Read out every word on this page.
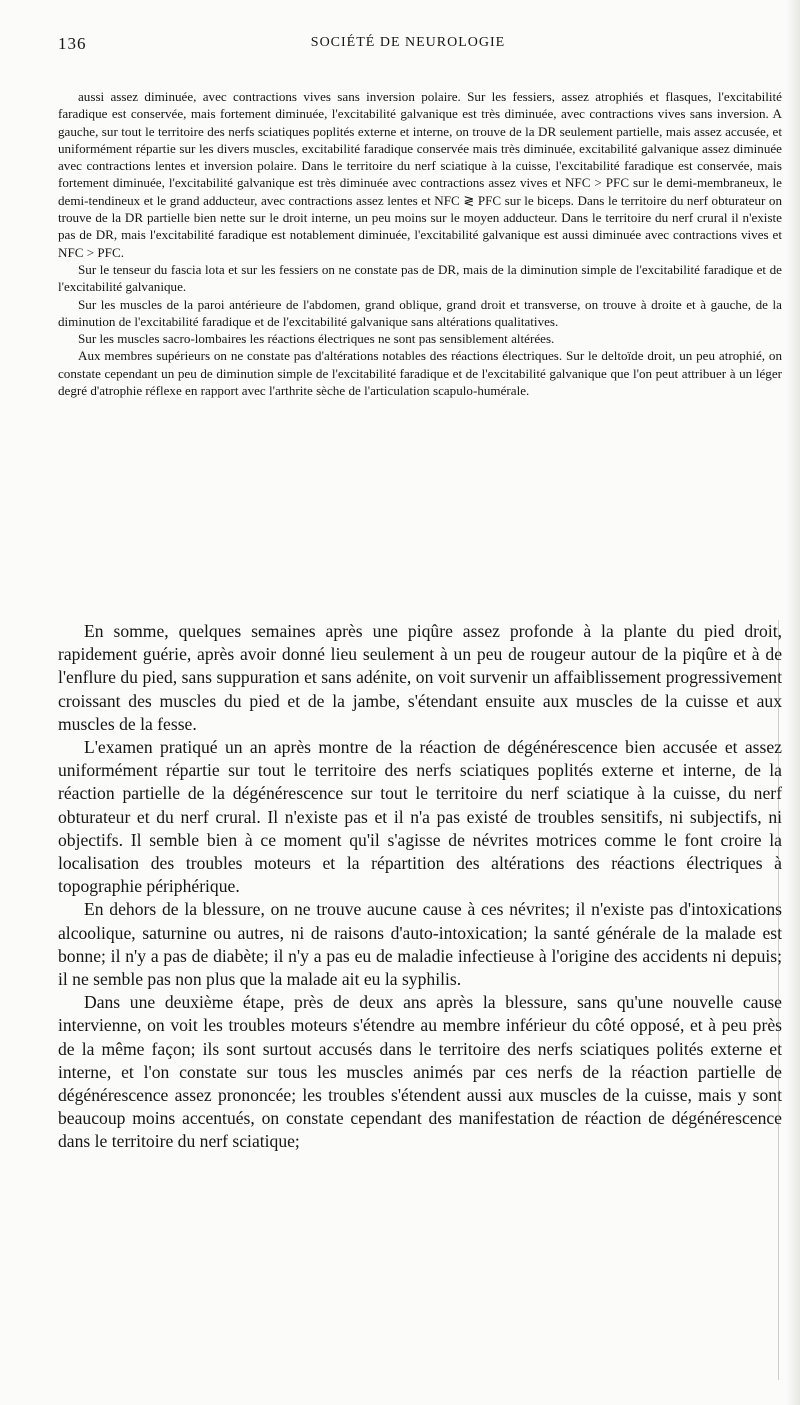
136	SOCIÉTÉ DE NEUROLOGIE

aussi assez diminuée, avec contractions vives sans inversion polaire. Sur les fessiers, assez atrophiés et flasques, l'excitabilité faradique est conservée, mais fortement diminuée, l'excitabilité galvanique est très diminuée, avec contractions vives sans inversion. A gauche, sur tout le territoire des nerfs sciatiques poplités externe et interne, on trouve de la DR seulement partielle, mais assez accusée, et uniformément répartie sur les divers muscles, excitabilité faradique conservée mais très diminuée, excitabilité galvanique assez diminuée avec contractions lentes et inversion polaire. Dans le territoire du nerf sciatique à la cuisse, l'excitabilité faradique est conservée, mais fortement diminuée, l'excitabilité galvanique est très diminuée avec contractions assez vives et NFC > PFC sur le demi-membraneux, le demi-tendineux et le grand adducteur, avec contractions assez lentes et NFC ≷ PFC sur le biceps. Dans le territoire du nerf obturateur on trouve de la DR partielle bien nette sur le droit interne, un peu moins sur le moyen adducteur. Dans le territoire du nerf crural il n'existe pas de DR, mais l'excitabilité faradique est notablement diminuée, l'excitabilité galvanique est aussi diminuée avec contractions vives et NFC > PFC.

Sur le tenseur du fascia lota et sur les fessiers on ne constate pas de DR, mais de la diminution simple de l'excitabilité faradique et de l'excitabilité galvanique.

Sur les muscles de la paroi antérieure de l'abdomen, grand oblique, grand droit et transverse, on trouve à droite et à gauche, de la diminution de l'excitabilité faradique et de l'excitabilité galvanique sans altérations qualitatives.

Sur les muscles sacro-lombaires les réactions électriques ne sont pas sensiblement altérées.

Aux membres supérieurs on ne constate pas d'altérations notables des réactions électriques. Sur le deltoïde droit, un peu atrophié, on constate cependant un peu de diminution simple de l'excitabilité faradique et de l'excitabilité galvanique que l'on peut attribuer à un léger degré d'atrophie réflexe en rapport avec l'arthrite sèche de l'articulation scapulo-humérale.

En somme, quelques semaines après une piqûre assez profonde à la plante du pied droit, rapidement guérie, après avoir donné lieu seulement à un peu de rougeur autour de la piqûre et à de l'enflure du pied, sans suppuration et sans adénite, on voit survenir un affaiblissement progressivement croissant des muscles du pied et de la jambe, s'étendant ensuite aux muscles de la cuisse et aux muscles de la fesse.

L'examen pratiqué un an après montre de la réaction de dégénérescence bien accusée et assez uniformément répartie sur tout le territoire des nerfs sciatiques poplités externe et interne, de la réaction partielle de la dégénérescence sur tout le territoire du nerf sciatique à la cuisse, du nerf obturateur et du nerf crural. Il n'existe pas et il n'a pas existé de troubles sensitifs, ni subjectifs, ni objectifs. Il semble bien à ce moment qu'il s'agisse de névrites motrices comme le font croire la localisation des troubles moteurs et la répartition des altérations des réactions électriques à topographie périphérique.

En dehors de la blessure, on ne trouve aucune cause à ces névrites; il n'existe pas d'intoxications alcoolique, saturnine ou autres, ni de raisons d'auto-intoxication; la santé générale de la malade est bonne; il n'y a pas de diabète; il n'y a pas eu de maladie infectieuse à l'origine des accidents ni depuis; il ne semble pas non plus que la malade ait eu la syphilis.

Dans une deuxième étape, près de deux ans après la blessure, sans qu'une nouvelle cause intervienne, on voit les troubles moteurs s'étendre au membre inférieur du côté opposé, et à peu près de la même façon; ils sont surtout accusés dans le territoire des nerfs sciatiques polités externe et interne, et l'on constate sur tous les muscles animés par ces nerfs de la réaction partielle de dégénérescence assez prononcée; les troubles s'étendent aussi aux muscles de la cuisse, mais y sont beaucoup moins accentués, on constate cependant des manifestation de réaction de dégénérescence dans le territoire du nerf sciatique;
